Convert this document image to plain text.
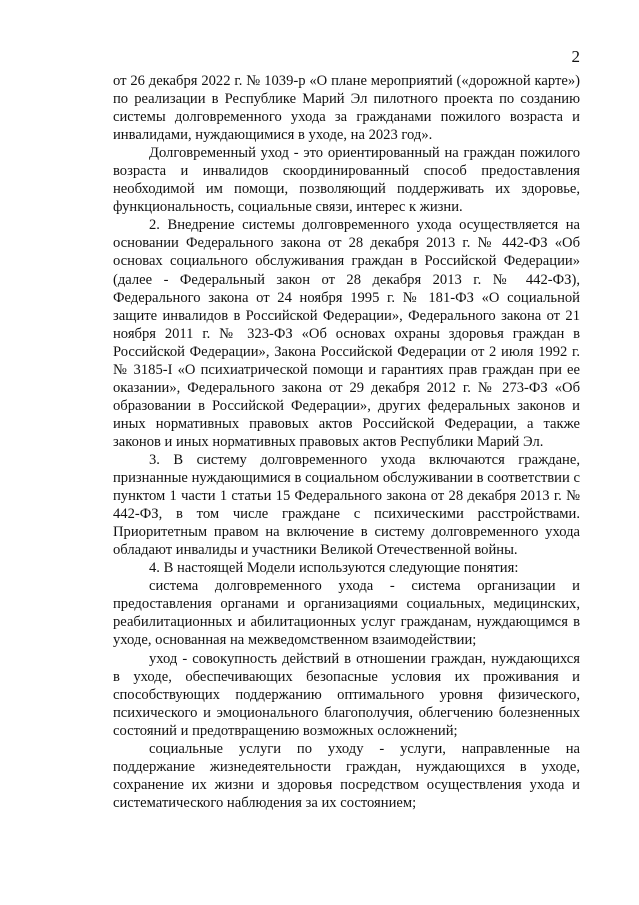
2

от 26 декабря 2022 г. № 1039-р «О плане мероприятий («дорожной карте») по реализации в Республике Марий Эл пилотного проекта по созданию системы долговременного ухода за гражданами пожилого возраста и инвалидами, нуждающимися в уходе, на 2023 год».

Долговременный уход - это ориентированный на граждан пожилого возраста и инвалидов скоординированный способ предоставления необходимой им помощи, позволяющий поддерживать их здоровье, функциональность, социальные связи, интерес к жизни.

2. Внедрение системы долговременного ухода осуществляется на основании Федерального закона от 28 декабря 2013 г. № 442-ФЗ «Об основах социального обслуживания граждан в Российской Федерации» (далее - Федеральный закон от 28 декабря 2013 г. № 442-ФЗ), Федерального закона от 24 ноября 1995 г. № 181-ФЗ «О социальной защите инвалидов в Российской Федерации», Федерального закона от 21 ноября 2011 г. № 323-ФЗ «Об основах охраны здоровья граждан в Российской Федерации», Закона Российской Федерации от 2 июля 1992 г. № 3185-I «О психиатрической помощи и гарантиях прав граждан при ее оказании», Федерального закона от 29 декабря 2012 г. № 273-ФЗ «Об образовании в Российской Федерации», других федеральных законов и иных нормативных правовых актов Российской Федерации, а также законов и иных нормативных правовых актов Республики Марий Эл.

3. В систему долговременного ухода включаются граждане, признанные нуждающимися в социальном обслуживании в соответствии с пунктом 1 части 1 статьи 15 Федерального закона от 28 декабря 2013 г. № 442-ФЗ, в том числе граждане с психическими расстройствами. Приоритетным правом на включение в систему долговременного ухода обладают инвалиды и участники Великой Отечественной войны.

4. В настоящей Модели используются следующие понятия:

система долговременного ухода - система организации и предоставления органами и организациями социальных, медицинских, реабилитационных и абилитационных услуг гражданам, нуждающимся в уходе, основанная на межведомственном взаимодействии;

уход - совокупность действий в отношении граждан, нуждающихся в уходе, обеспечивающих безопасные условия их проживания и способствующих поддержанию оптимального уровня физического, психического и эмоционального благополучия, облегчению болезненных состояний и предотвращению возможных осложнений;

социальные услуги по уходу - услуги, направленные на поддержание жизнедеятельности граждан, нуждающихся в уходе, сохранение их жизни и здоровья посредством осуществления ухода и систематического наблюдения за их состоянием;
